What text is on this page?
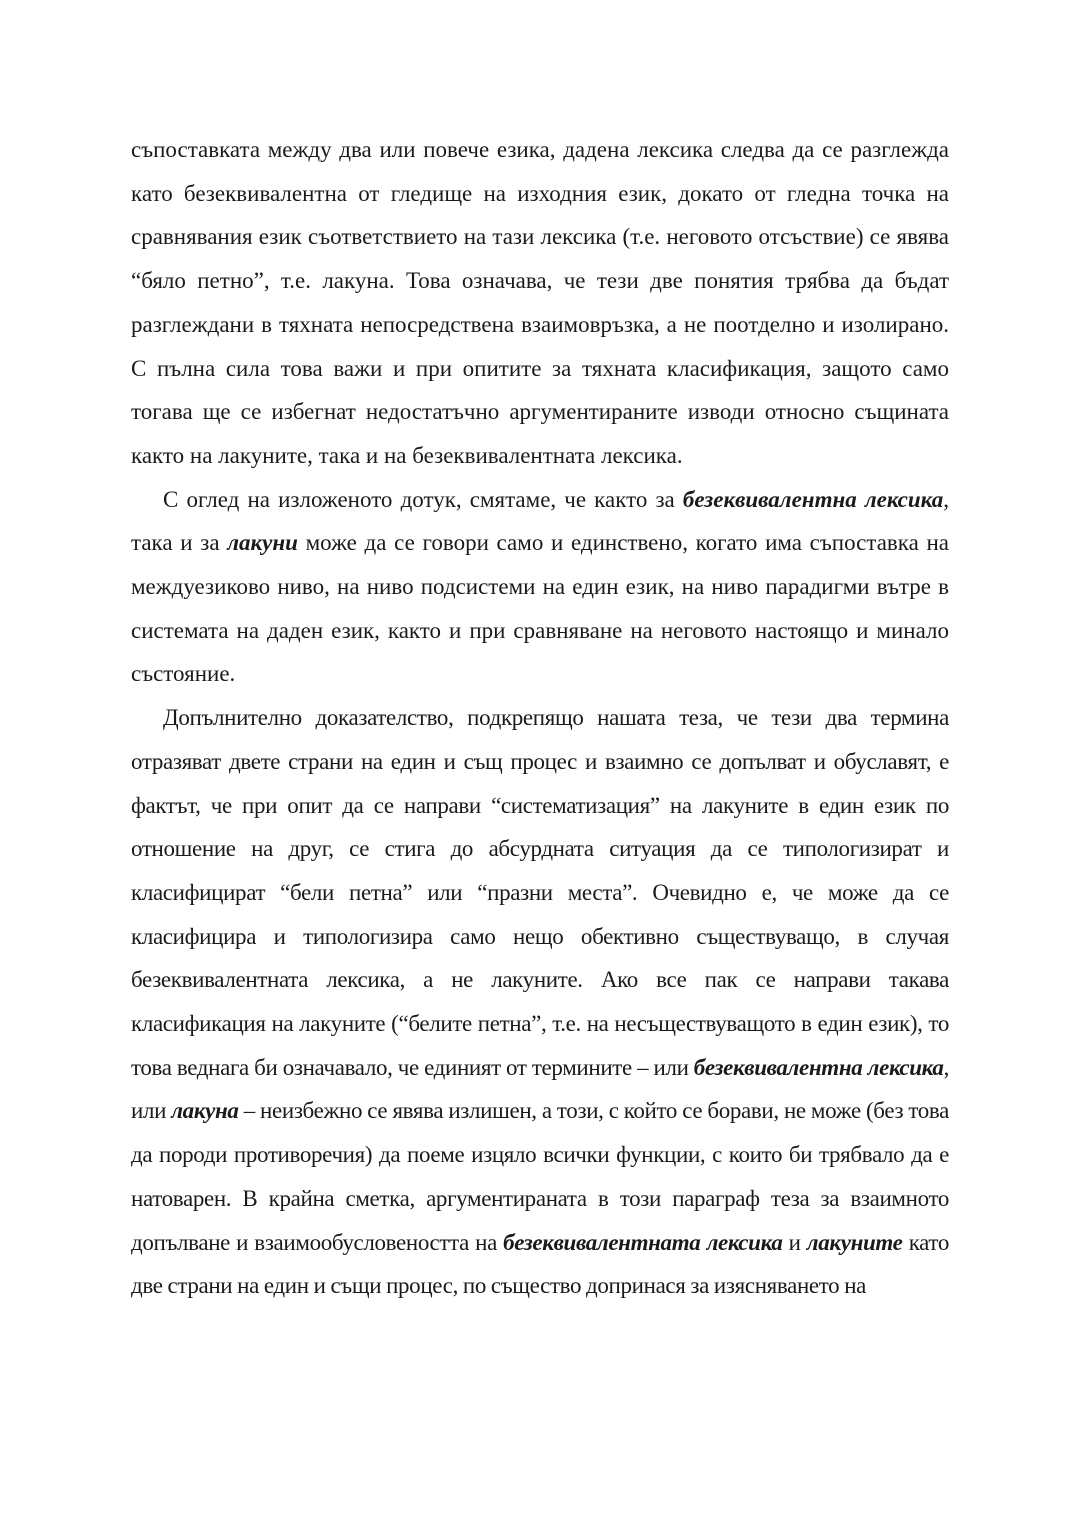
съпоставката между два или повече езика, дадена лексика следва да се разглежда като безеквивалентна от гледище на изходния език, докато от гледна точка на сравнявания език съответствието на тази лексика (т.е. неговото отсъствие) се явява “бяло петно”, т.е. лакуна. Това означава, че тези две понятия трябва да бъдат разглеждани в тяхната непосредствена взаимовръзка, а не поотделно и изолирано. С пълна сила това важи и при опитите за тяхната класификация, защото само тогава ще се избегнат недостатъчно аргументираните изводи относно същината както на лакуните, така и на безеквивалентната лексика.

С оглед на изложеното дотук, смятаме, че както за безеквивалентна лексика, така и за лакуни може да се говори само и единствено, когато има съпоставка на междуезиково ниво, на ниво подсистеми на един език, на ниво парадигми вътре в системата на даден език, както и при сравняване на неговото настоящо и минало състояние.

Допълнително доказателство, подкрепящо нашата теза, че тези два термина отразяват двете страни на един и същ процес и взаимно се допълват и обуславят, е фактът, че при опит да се направи “систематизация” на лакуните в един език по отношение на друг, се стига до абсурдната ситуация да се типологизират и класифицират “бели петна” или “празни места”. Очевидно е, че може да се класифицира и типологизира само нещо обективно съществуващо, в случая безеквивалентната лексика, а не лакуните. Ако все пак се направи такава класификация на лакуните (“белите петна”, т.е. на несъществуващото в един език), то това веднага би означавало, че единият от термините – или безеквивалентна лексика, или лакуна – неизбежно се явява излишен, а този, с който се борави, не може (без това да породи противоречия) да поеме изцяло всички функции, с които би трябвало да е натоварен. В крайна сметка, аргументираната в този параграф теза за взаимното допълване и взаимообусловеността на безеквивалентната лексика и лакуните като две страни на един и същи процес, по същество допринася за изясняването на
